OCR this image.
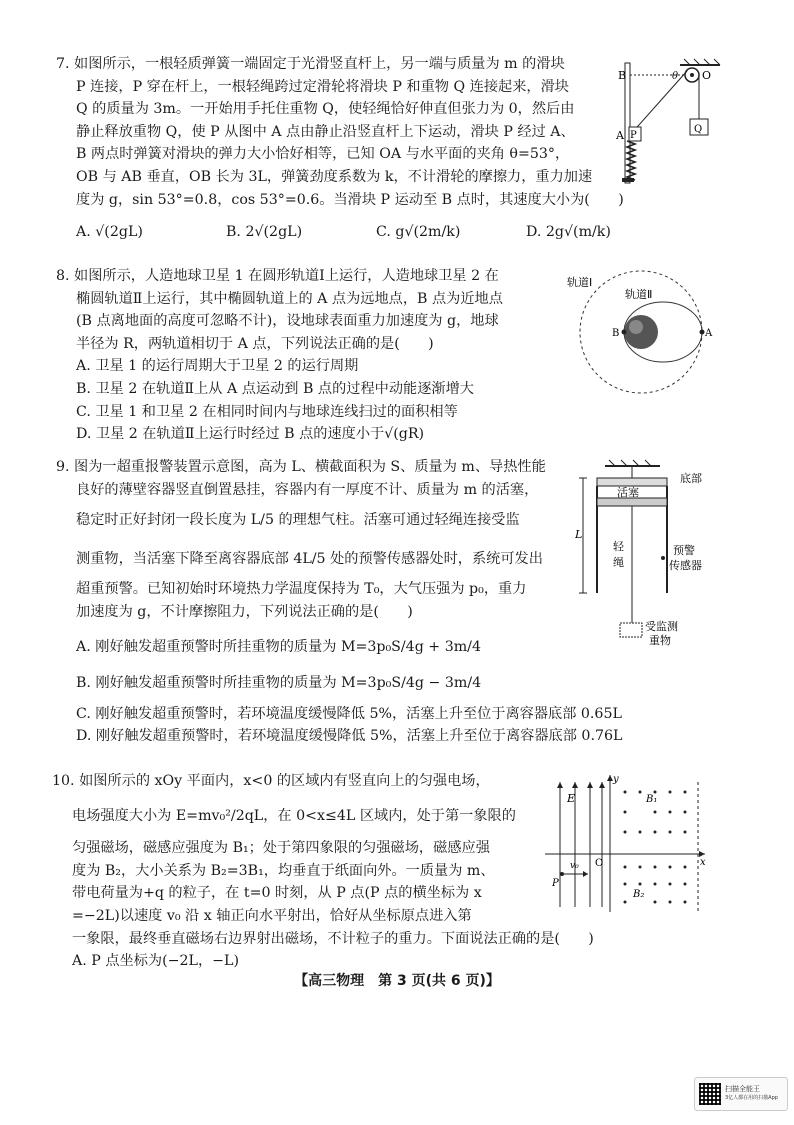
7. 如图所示，一根轻质弹簧一端固定于光滑竖直杆上，另一端与质量为 m 的滑块

P 连接，P 穿在杆上，一根轻绳跨过定滑轮将滑块 P 和重物 Q 连接起来，滑块

Q 的质量为 3m。一开始用手托住重物 Q，使轻绳恰好伸直但张力为 0，然后由

静止释放重物 Q，使 P 从图中 A 点由静止沿竖直杆上下运动，滑块 P 经过 A、

B 两点时弹簧对滑块的弹力大小恰好相等，已知 OA 与水平面的夹角 θ=53°，

OB 与 AB 垂直，OB 长为 3L，弹簧劲度系数为 k，不计滑轮的摩擦力，重力加速

度为 g，sin 53°=0.8，cos 53°=0.6。当滑块 P 运动至 B 点时，其速度大小为(　　)

A. √(2gL)	B. 2√(2gL)	C. g√(2m/k)	D. 2g√(m/k)
B
A P
Q
θ O

8. 如图所示，人造地球卫星 1 在圆形轨道Ⅰ上运行，人造地球卫星 2 在

椭圆轨道Ⅱ上运行，其中椭圆轨道上的 A 点为远地点，B 点为近地点

(B 点离地面的高度可忽略不计)，设地球表面重力加速度为 g，地球

半径为 R，两轨道相切于 A 点，下列说法正确的是(　　)

A. 卫星 1 的运行周期大于卫星 2 的运行周期

B. 卫星 2 在轨道Ⅱ上从 A 点运动到 B 点的过程中动能逐渐增大

C. 卫星 1 和卫星 2 在相同时间内与地球连线扫过的面积相等

D. 卫星 2 在轨道Ⅱ上运行时经过 B 点的速度小于√(gR)

轨道Ⅰ
轨道Ⅱ
B	A

9. 图为一超重报警装置示意图，高为 L、横截面积为 S、质量为 m、导热性能

良好的薄壁容器竖直倒置悬挂，容器内有一厚度不计、质量为 m 的活塞，

稳定时正好封闭一段长度为 L/5 的理想气柱。活塞可通过轻绳连接受监

测重物，当活塞下降至离容器底部 4L/5 处的预警传感器处时，系统可发出

超重预警。已知初始时环境热力学温度保持为 T₀，大气压强为 p₀，重力

加速度为 g，不计摩擦阻力，下列说法正确的是(　　)

A. 刚好触发超重预警时所挂重物的质量为 M=3p₀S/4g + 3m/4

B. 刚好触发超重预警时所挂重物的质量为 M=3p₀S/4g − 3m/4

C. 刚好触发超重预警时，若环境温度缓慢降低 5%，活塞上升至位于离容器底部 0.65L

D. 刚好触发超重预警时，若环境温度缓慢降低 5%，活塞上升至位于离容器底部 0.76L

底部
活塞
L
轻
绳
预警
传感器
受监测
重物

10. 如图所示的 xOy 平面内，x<0 的区域内有竖直向上的匀强电场，

电场强度大小为 E=mv₀²/2qL，在 0<x≤4L 区域内，处于第一象限的

匀强磁场，磁感应强度为 B₁；处于第四象限的匀强磁场，磁感应强

度为 B₂，大小关系为 B₂=3B₁，均垂直于纸面向外。一质量为 m、

带电荷量为+q 的粒子，在 t=0 时刻，从 P 点(P 点的横坐标为 x

=−2L)以速度 v₀ 沿 x 轴正向水平射出，恰好从坐标原点进入第

一象限，最终垂直磁场右边界射出磁场，不计粒子的重力。下面说法正确的是(　　)

A. P 点坐标为(−2L，−L)

y
x
E
O
P
v₀
B₁
B₂
【高三物理　第 3 页(共 6 页)】
扫描全能王
3亿人都在用的扫描App
